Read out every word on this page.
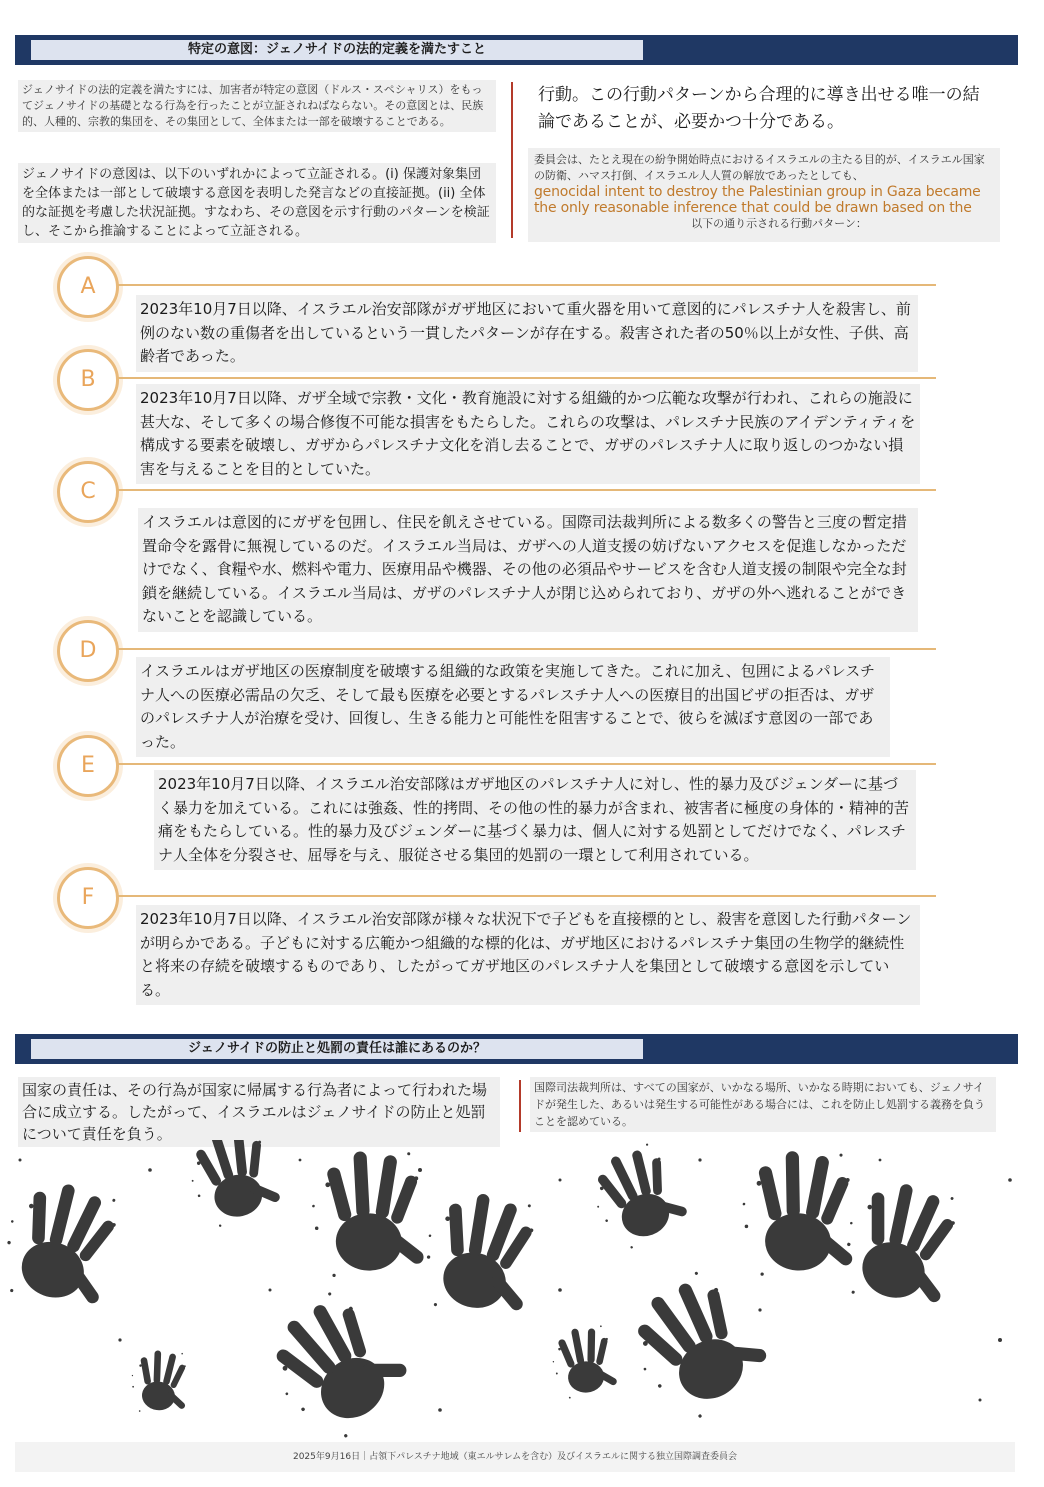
特定の意図：ジェノサイドの法的定義を満たすこと
ジェノサイドの法的定義を満たすには、加害者が特定の意図（ドルス・スペシャリス）をもってジェノサイドの基礎となる行為を行ったことが立証されねばならない。その意図とは、民族的、人種的、宗教的集団を、その集団として、全体または一部を破壊することである。
ジェノサイドの意図は、以下のいずれかによって立証される。(i) 保護対象集団を全体または一部として破壊する意図を表明した発言などの直接証拠。(ii) 全体的な証拠を考慮した状況証拠。すなわち、その意図を示す行動のパターンを検証し、そこから推論することによって立証される。
行動。この行動パターンから合理的に導き出せる唯一の結論であることが、必要かつ十分である。
委員会は、たとえ現在の紛争開始時点におけるイスラエルの主たる目的が、イスラエル国家の防衛、ハマス打倒、イスラエル人人質の解放であったとしても、
genocidal intent to destroy the Palestinian group in Gaza became
the only reasonable inference that could be drawn based on the
以下の通り示される行動パターン：
A
2023年10月7日以降、イスラエル治安部隊がガザ地区において重火器を用いて意図的にパレスチナ人を殺害し、前例のない数の重傷者を出しているという一貫したパターンが存在する。殺害された者の50％以上が女性、子供、高齢者であった。
B
2023年10月7日以降、ガザ全域で宗教・文化・教育施設に対する組織的かつ広範な攻撃が行われ、これらの施設に甚大な、そして多くの場合修復不可能な損害をもたらした。これらの攻撃は、パレスチナ民族のアイデンティティを構成する要素を破壊し、ガザからパレスチナ文化を消し去ることで、ガザのパレスチナ人に取り返しのつかない損害を与えることを目的としていた。
C
イスラエルは意図的にガザを包囲し、住民を飢えさせている。国際司法裁判所による数多くの警告と三度の暫定措置命令を露骨に無視しているのだ。イスラエル当局は、ガザへの人道支援の妨げないアクセスを促進しなかっただけでなく、食糧や水、燃料や電力、医療用品や機器、その他の必須品やサービスを含む人道支援の制限や完全な封鎖を継続している。イスラエル当局は、ガザのパレスチナ人が閉じ込められており、ガザの外へ逃れることができないことを認識している。
D
イスラエルはガザ地区の医療制度を破壊する組織的な政策を実施してきた。これに加え、包囲によるパレスチナ人への医療必需品の欠乏、そして最も医療を必要とするパレスチナ人への医療目的出国ビザの拒否は、ガザのパレスチナ人が治療を受け、回復し、生きる能力と可能性を阻害することで、彼らを滅ぼす意図の一部であった。
E
2023年10月7日以降、イスラエル治安部隊はガザ地区のパレスチナ人に対し、性的暴力及びジェンダーに基づく暴力を加えている。これには強姦、性的拷問、その他の性的暴力が含まれ、被害者に極度の身体的・精神的苦痛をもたらしている。性的暴力及びジェンダーに基づく暴力は、個人に対する処罰としてだけでなく、パレスチナ人全体を分裂させ、屈辱を与え、服従させる集団的処罰の一環として利用されている。
F
2023年10月7日以降、イスラエル治安部隊が様々な状況下で子どもを直接標的とし、殺害を意図した行動パターンが明らかである。子どもに対する広範かつ組織的な標的化は、ガザ地区におけるパレスチナ集団の生物学的継続性と将来の存続を破壊するものであり、したがってガザ地区のパレスチナ人を集団として破壊する意図を示している。
ジェノサイドの防止と処罰の責任は誰にあるのか？
国家の責任は、その行為が国家に帰属する行為者によって行われた場合に成立する。したがって、イスラエルはジェノサイドの防止と処罰について責任を負う。
国際司法裁判所は、すべての国家が、いかなる場所、いかなる時期においても、ジェノサイドが発生した、あるいは発生する可能性がある場合には、これを防止し処罰する義務を負うことを認めている。
2025年9月16日｜占領下パレスチナ地域（東エルサレムを含む）及びイスラエルに関する独立国際調査委員会
